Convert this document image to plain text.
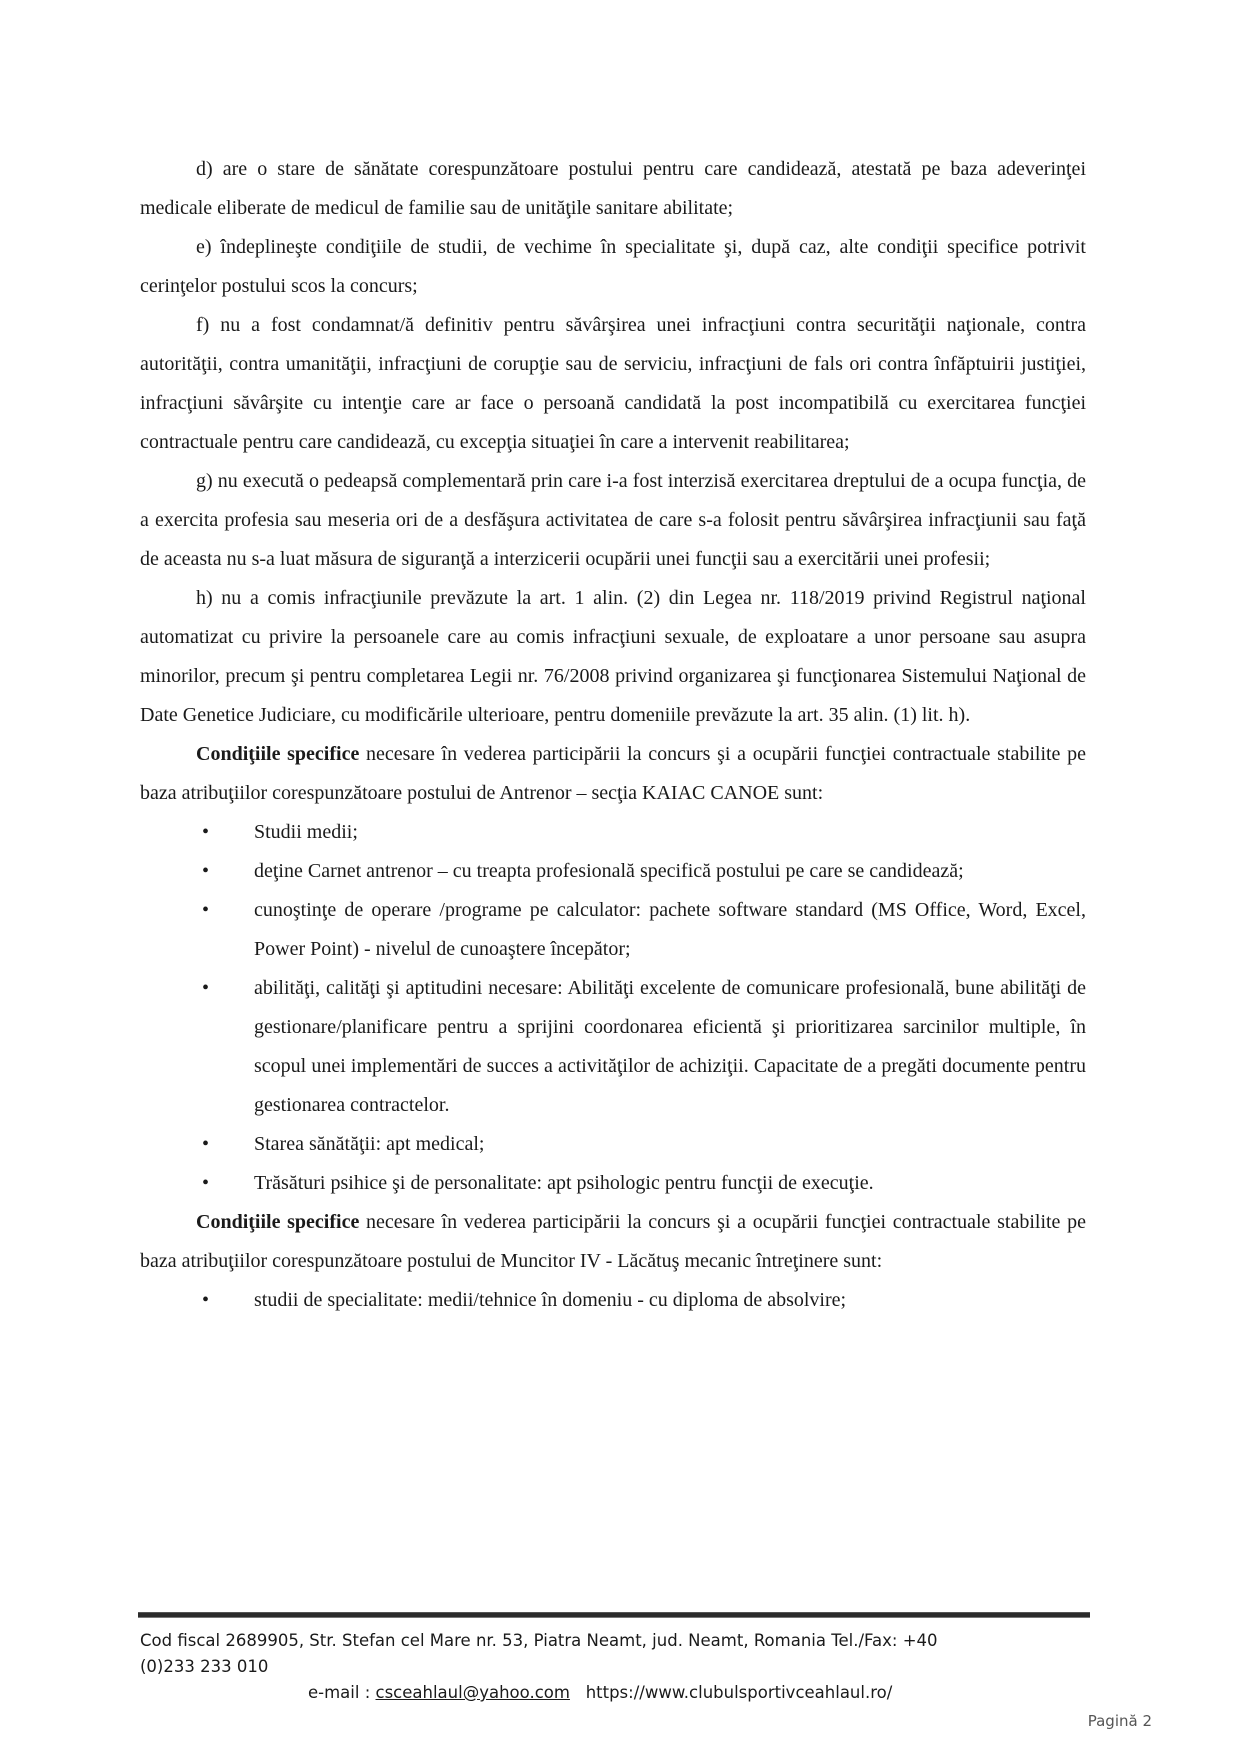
d) are o stare de sănătate corespunzătoare postului pentru care candidează, atestată pe baza adeverinţei medicale eliberate de medicul de familie sau de unităţile sanitare abilitate;

e) îndeplineşte condiţiile de studii, de vechime în specialitate şi, după caz, alte condiţii specifice potrivit cerinţelor postului scos la concurs;

f) nu a fost condamnat/ă definitiv pentru săvârşirea unei infracţiuni contra securităţii naţionale, contra autorităţii, contra umanităţii, infracţiuni de corupţie sau de serviciu, infracţiuni de fals ori contra înfăptuirii justiţiei, infracţiuni săvârşite cu intenţie care ar face o persoană candidată la post incompatibilă cu exercitarea funcţiei contractuale pentru care candidează, cu excepţia situaţiei în care a intervenit reabilitarea;

g) nu execută o pedeapsă complementară prin care i-a fost interzisă exercitarea dreptului de a ocupa funcţia, de a exercita profesia sau meseria ori de a desfăşura activitatea de care s-a folosit pentru săvârşirea infracţiunii sau faţă de aceasta nu s-a luat măsura de siguranţă a interzicerii ocupării unei funcţii sau a exercitării unei profesii;

h) nu a comis infracţiunile prevăzute la art. 1 alin. (2) din Legea nr. 118/2019 privind Registrul naţional automatizat cu privire la persoanele care au comis infracţiuni sexuale, de exploatare a unor persoane sau asupra minorilor, precum şi pentru completarea Legii nr. 76/2008 privind organizarea şi funcţionarea Sistemului Naţional de Date Genetice Judiciare, cu modificările ulterioare, pentru domeniile prevăzute la art. 35 alin. (1) lit. h).

Condiţiile specifice necesare în vederea participării la concurs şi a ocupării funcţiei contractuale stabilite pe baza atribuţiilor corespunzătoare postului de Antrenor – secţia KAIAC CANOE sunt:

• Studii medii;
• deţine Carnet antrenor – cu treapta profesională specifică postului pe care se candidează;
• cunoştinţe de operare /programe pe calculator: pachete software standard (MS Office, Word, Excel, Power Point) - nivelul de cunoaştere începător;
• abilităţi, calităţi şi aptitudini necesare: Abilităţi excelente de comunicare profesională, bune abilităţi de gestionare/planificare pentru a sprijini coordonarea eficientă şi prioritizarea sarcinilor multiple, în scopul unei implementări de succes a activităţilor de achiziţii. Capacitate de a pregăti documente pentru gestionarea contractelor.
• Starea sănătăţii: apt medical;
• Trăsături psihice şi de personalitate: apt psihologic pentru funcţii de execuţie.

Condiţiile specifice necesare în vederea participării la concurs şi a ocupării funcţiei contractuale stabilite pe baza atribuţiilor corespunzătoare postului de Muncitor IV - Lăcătuş mecanic întreţinere sunt:

• studii de specialitate: medii/tehnice în domeniu - cu diploma de absolvire;
Cod fiscal 2689905, Str. Stefan cel Mare nr. 53, Piatra Neamt, jud. Neamt, Romania Tel./Fax: +40
(0)233 233 010
e-mail : csceahlaul@yahoo.com https://www.clubulsportivceahlaul.ro/
Pagină 2
